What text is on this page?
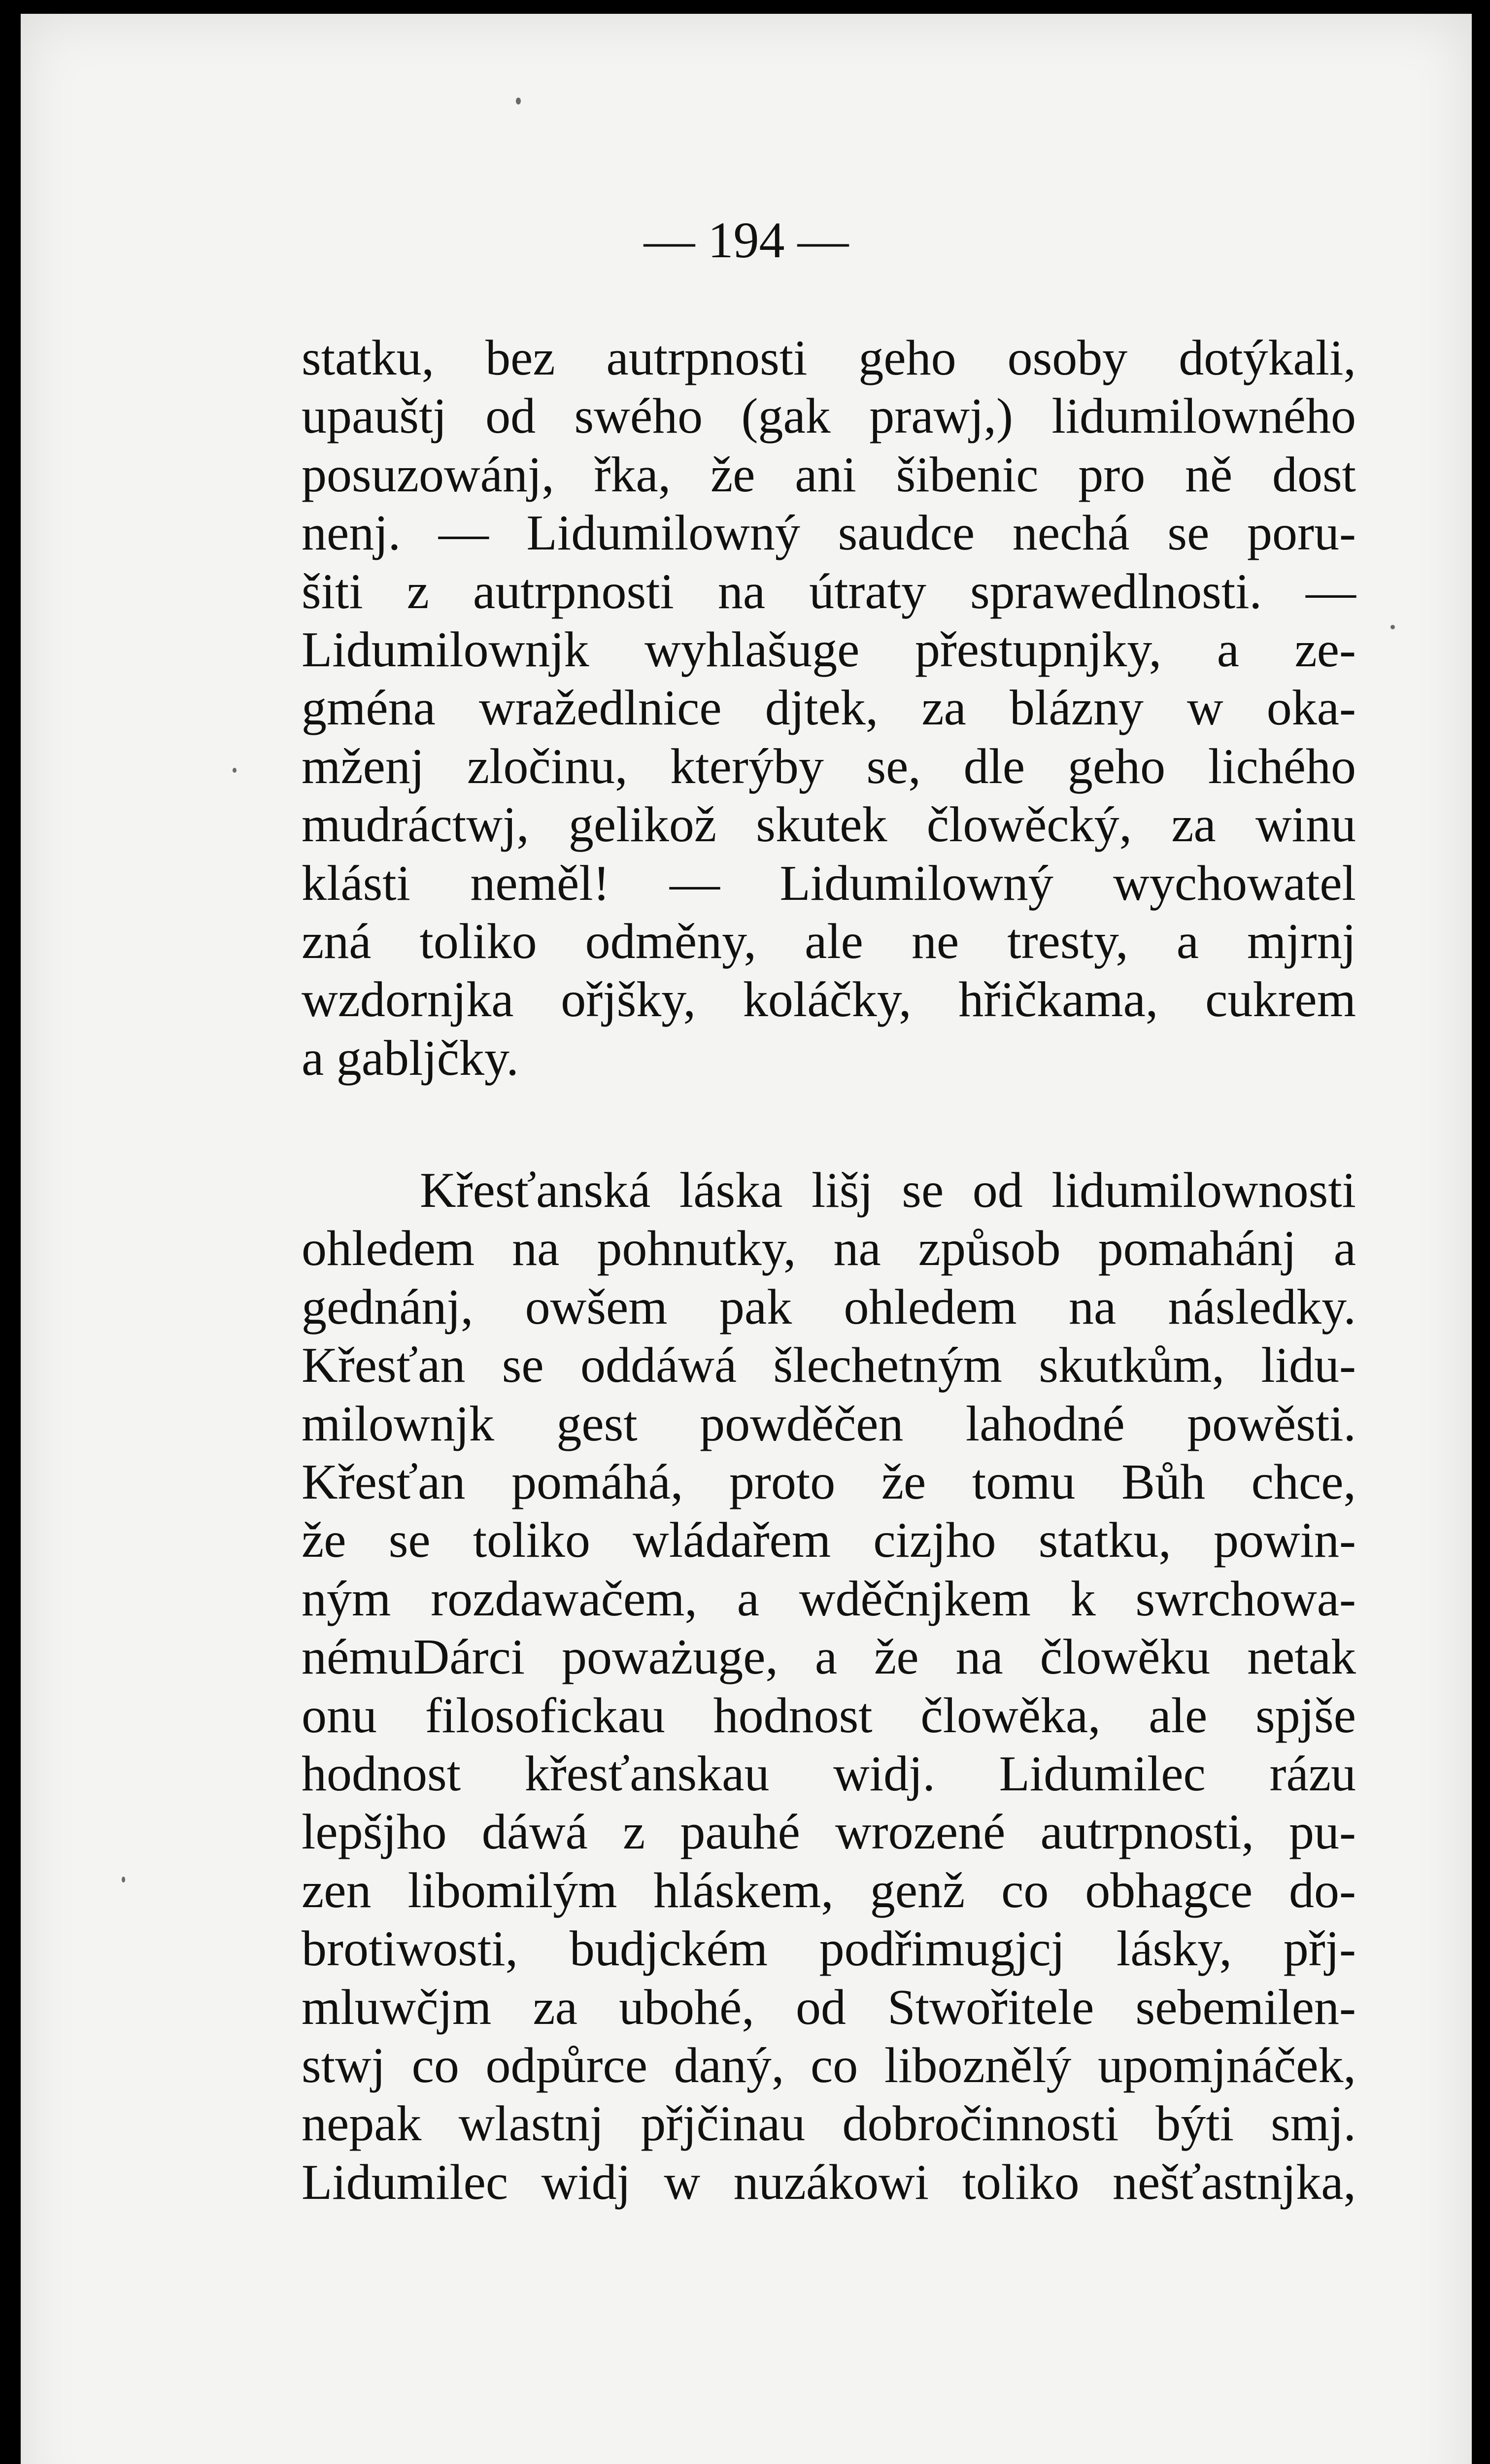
— 194 —
statku, bez autrpnosti geho osoby dotýkali,
upauštj od swého (gak prawj,) lidumilowného
posuzowánj, řka, že ani šibenic pro ně dost
nenj. — Lidumilowný saudce nechá se poru-
šiti z autrpnosti na útraty sprawedlnosti. —
Lidumilownjk wyhlašuge přestupnjky, a ze-
gména wražedlnice djtek, za blázny w oka-
mženj zločinu, kterýby se, dle geho lichého
mudráctwj, gelikož skutek člowěcký, za winu
klásti neměl! — Lidumilowný wychowatel
zná toliko odměny, ale ne tresty, a mjrnj
wzdornjka ořjšky, koláčky, hřičkama, cukrem
a gabljčky.
Křesťanská láska lišj se od lidumilownosti
ohledem na pohnutky, na způsob pomahánj a
gednánj, owšem pak ohledem na následky.
Křesťan se oddáwá šlechetným skutkům, lidu-
milownjk gest powděčen lahodné powěsti.
Křesťan pomáhá, proto že tomu Bůh chce,
že se toliko wládařem cizjho statku, powin-
ným rozdawačem, a wděčnjkem k swrchowa-
némuDárci poważuge, a že na člowěku netak
onu filosofickau hodnost člowěka, ale spjše
hodnost křesťanskau widj. Lidumilec rázu
lepšjho dáwá z pauhé wrozené autrpnosti, pu-
zen libomilým hláskem, genž co obhagce do-
brotiwosti, budjckém podřimugjcj lásky, přj-
mluwčjm za ubohé, od Stwořitele sebemilen-
stwj co odpůrce daný, co liboznělý upomjnáček,
nepak wlastnj přjčinau dobročinnosti býti smj.
Lidumilec widj w nuzákowi toliko nešťastnjka,
